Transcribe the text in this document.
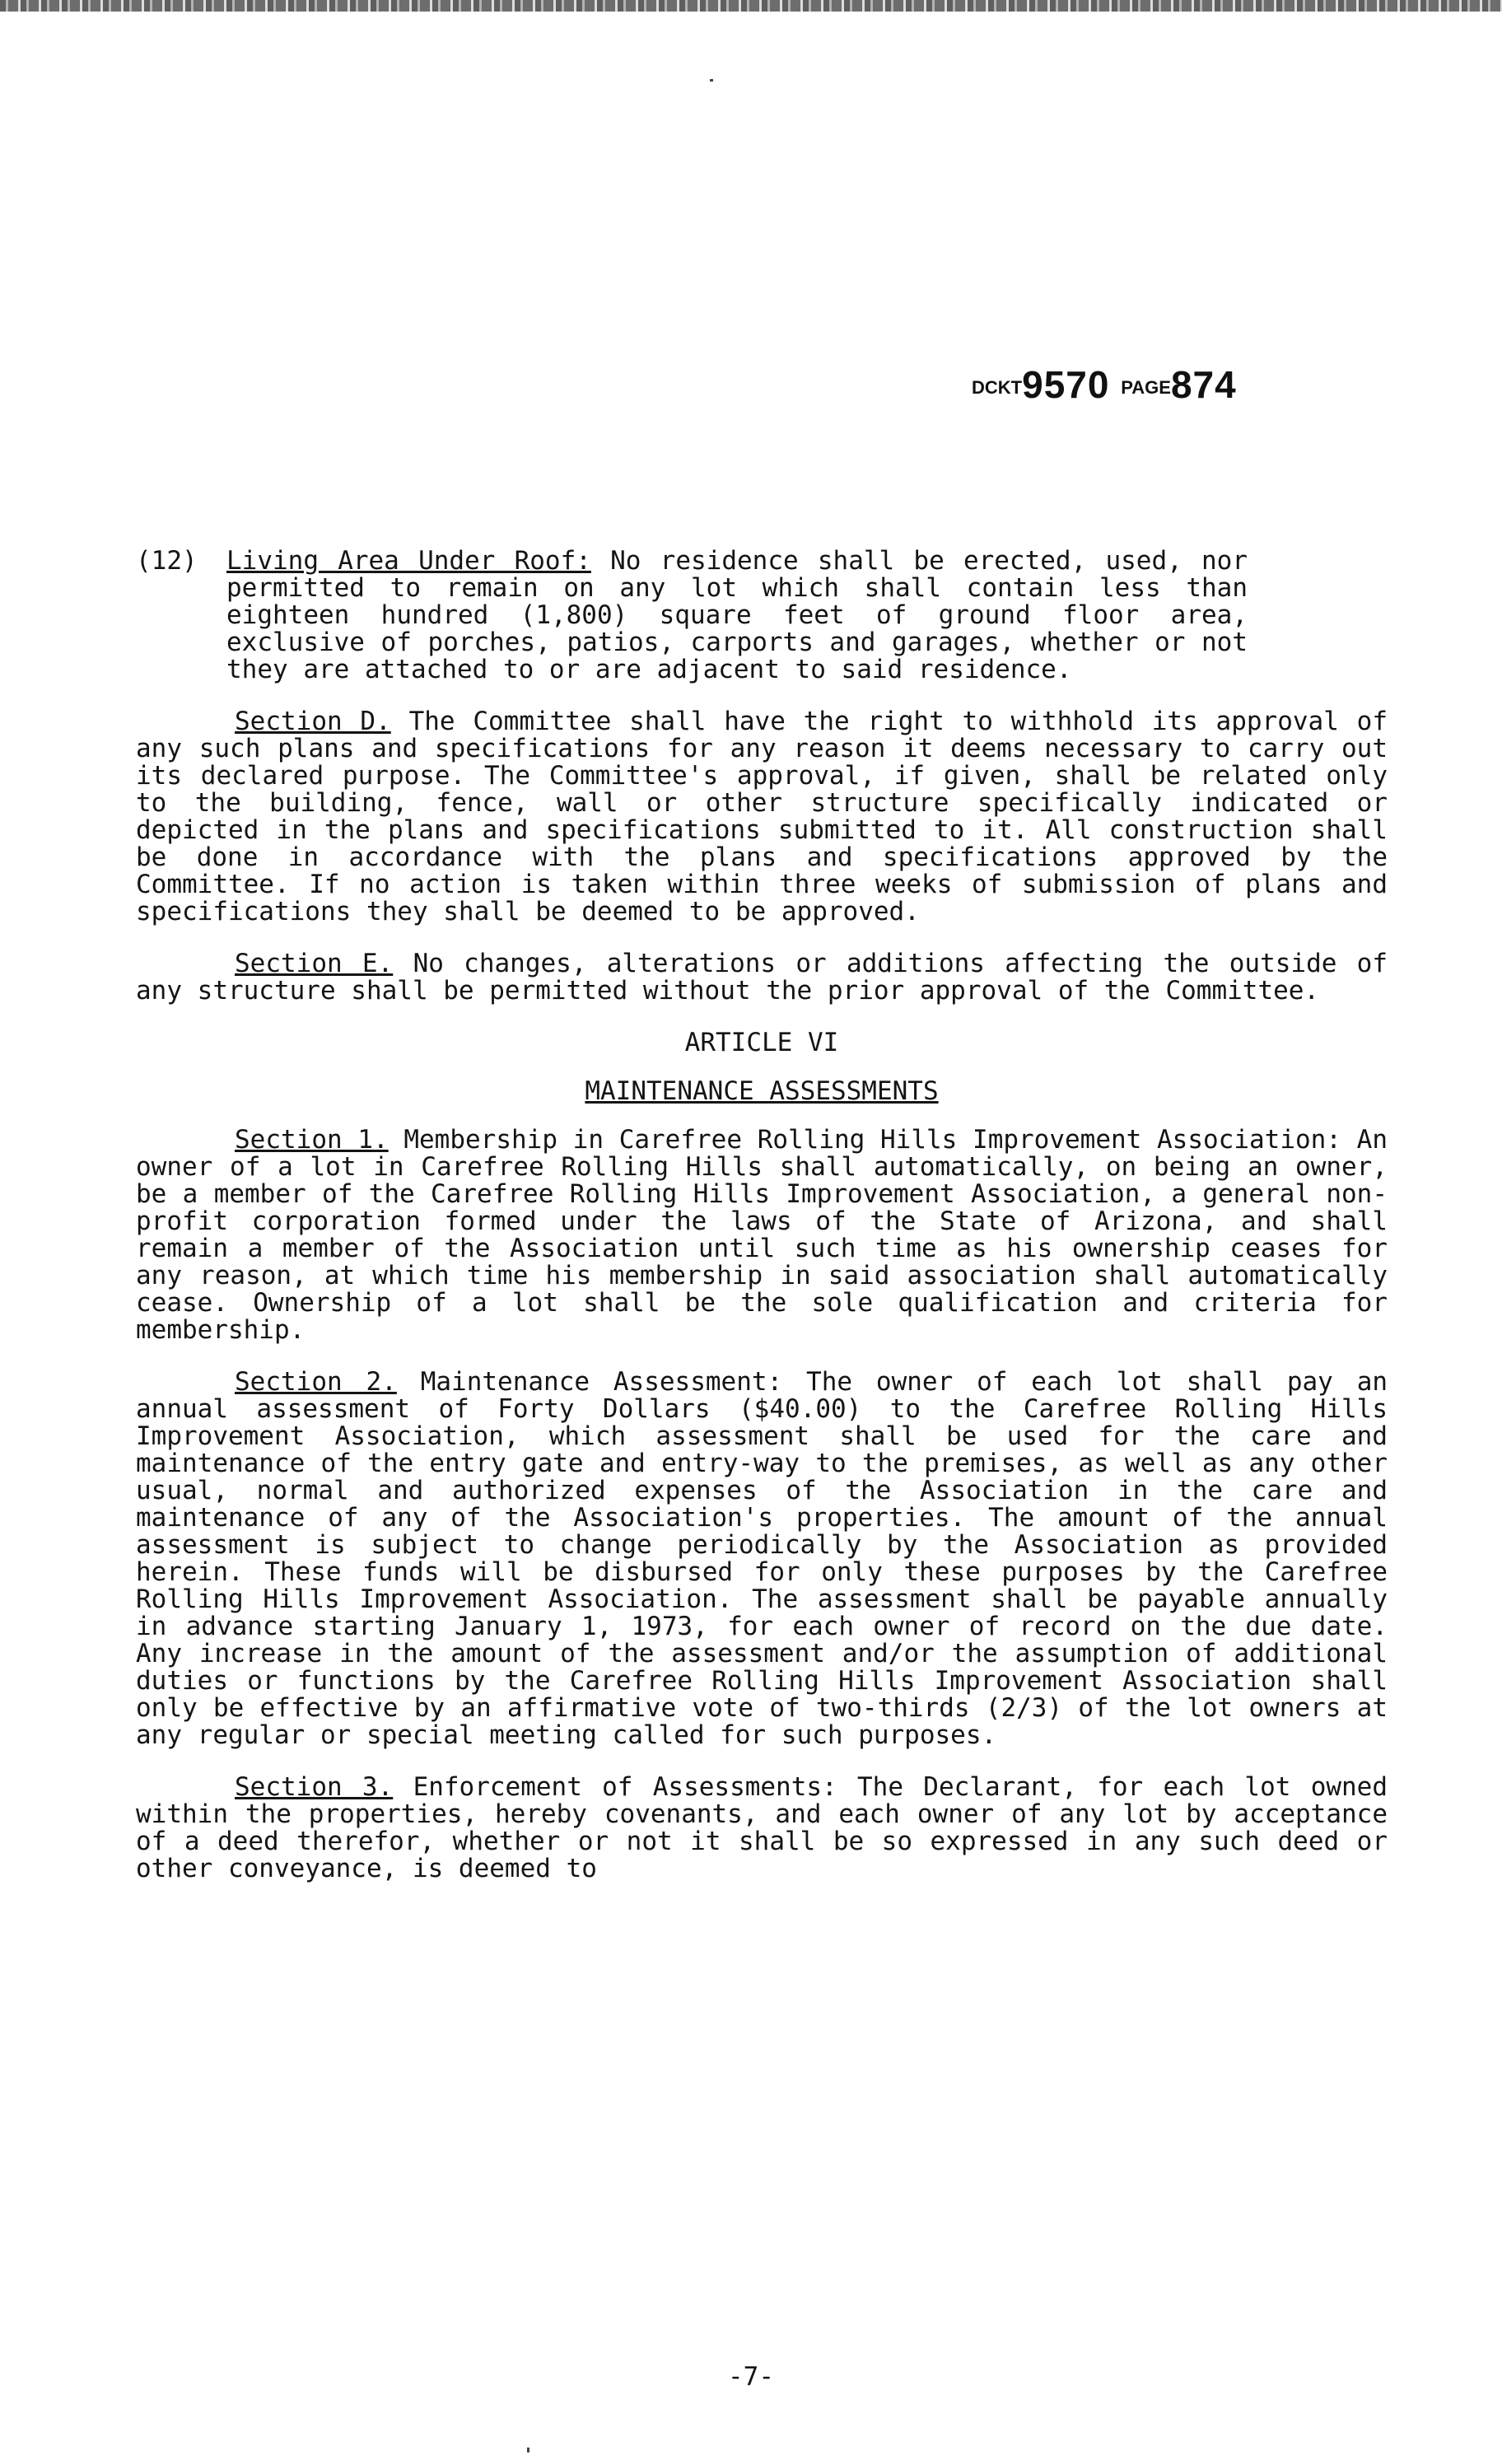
DCKT9570 PAGE874
(12)	Living Area Under Roof: No residence shall be erected, used, nor permitted to remain on any lot which shall contain less than eighteen hundred (1,800) square feet of ground floor area, exclusive of porches, patios, carports and garages, whether or not they are attached to or are adjacent to said residence.

Section D. The Committee shall have the right to withhold its approval of any such plans and specifications for any reason it deems necessary to carry out its declared purpose. The Committee's approval, if given, shall be related only to the building, fence, wall or other structure specifically indicated or depicted in the plans and specifications submitted to it. All construction shall be done in accordance with the plans and specifications approved by the Committee. If no action is taken within three weeks of submission of plans and specifications they shall be deemed to be approved.

Section E. No changes, alterations or additions affecting the outside of any structure shall be permitted without the prior approval of the Committee.

ARTICLE VI

MAINTENANCE ASSESSMENTS

Section 1. Membership in Carefree Rolling Hills Improvement Association: An owner of a lot in Carefree Rolling Hills shall automatically, on being an owner, be a member of the Carefree Rolling Hills Improvement Association, a general non-profit corporation formed under the laws of the State of Arizona, and shall remain a member of the Association until such time as his ownership ceases for any reason, at which time his membership in said association shall automatically cease. Ownership of a lot shall be the sole qualification and criteria for membership.

Section 2. Maintenance Assessment: The owner of each lot shall pay an annual assessment of Forty Dollars ($40.00) to the Carefree Rolling Hills Improvement Association, which assessment shall be used for the care and maintenance of the entry gate and entry-way to the premises, as well as any other usual, normal and authorized expenses of the Association in the care and maintenance of any of the Association's properties. The amount of the annual assessment is subject to change periodically by the Association as provided herein. These funds will be disbursed for only these purposes by the Carefree Rolling Hills Improvement Association. The assessment shall be payable annually in advance starting January 1, 1973, for each owner of record on the due date. Any increase in the amount of the assessment and/or the assumption of additional duties or functions by the Carefree Rolling Hills Improvement Association shall only be effective by an affirmative vote of two-thirds (2/3) of the lot owners at any regular or special meeting called for such purposes.

Section 3. Enforcement of Assessments: The Declarant, for each lot owned within the properties, hereby covenants, and each owner of any lot by acceptance of a deed therefor, whether or not it shall be so expressed in any such deed or other conveyance, is deemed to

-7-
